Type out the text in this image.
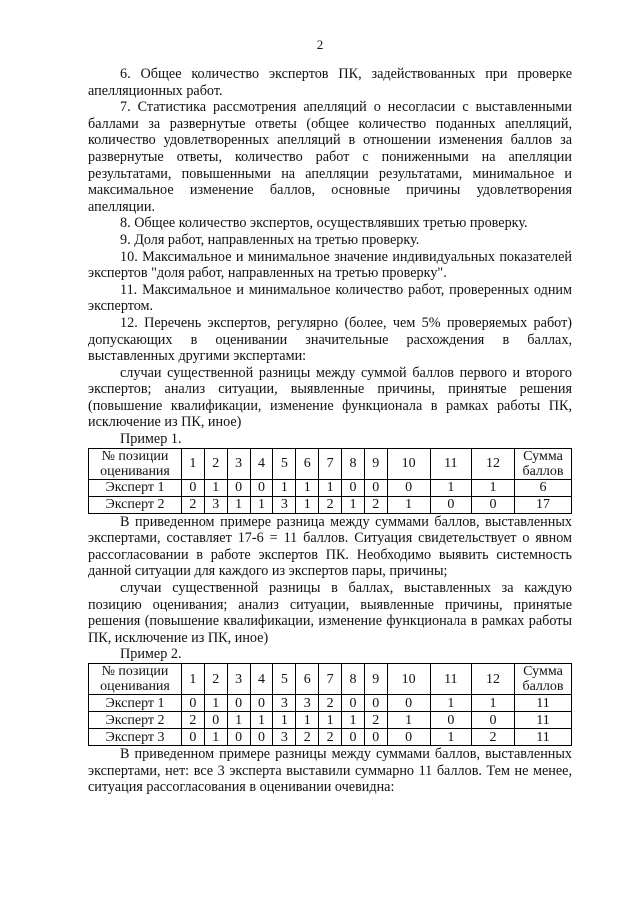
2

6. Общее количество экспертов ПК, задействованных при проверке апелляционных работ.

7. Статистика рассмотрения апелляций о несогласии с выставленными баллами за развернутые ответы (общее количество поданных апелляций, количество удовлетворенных апелляций в отношении изменения баллов за развернутые ответы, количество работ с пониженными на апелляции результатами, повышенными на апелляции результатами, минимальное и максимальное изменение баллов, основные причины удовлетворения апелляции.

8. Общее количество экспертов, осуществлявших третью проверку.

9. Доля работ, направленных на третью проверку.

10. Максимальное и минимальное значение индивидуальных показателей экспертов "доля работ, направленных на третью проверку".

11. Максимальное и минимальное количество работ, проверенных одним экспертом.

12. Перечень экспертов, регулярно (более, чем 5% проверяемых работ) допускающих в оценивании значительные расхождения в баллах, выставленных другими экспертами:

случаи существенной разницы между суммой баллов первого и второго экспертов; анализ ситуации, выявленные причины, принятые решения (повышение квалификации, изменение функционала в рамках работы ПК, исключение из ПК, иное)

Пример 1.

№ позиции оценивания	1	2	3	4	5	6	7	8	9	10	11	12	Сумма баллов
Эксперт 1	0	1	0	0	1	1	1	0	0	0	1	1	6
Эксперт 2	2	3	1	1	3	1	2	1	2	1	0	0	17

В приведенном примере разница между суммами баллов, выставленных экспертами, составляет 17-6 = 11 баллов. Ситуация свидетельствует о явном рассогласовании в работе экспертов ПК. Необходимо выявить системность данной ситуации для каждого из экспертов пары, причины;

случаи существенной разницы в баллах, выставленных за каждую позицию оценивания; анализ ситуации, выявленные причины, принятые решения (повышение квалификации, изменение функционала в рамках работы ПК, исключение из ПК, иное)

Пример 2.

№ позиции оценивания	1	2	3	4	5	6	7	8	9	10	11	12	Сумма баллов
Эксперт 1	0	1	0	0	3	3	2	0	0	0	1	1	11
Эксперт 2	2	0	1	1	1	1	1	1	2	1	0	0	11
Эксперт 3	0	1	0	0	3	2	2	0	0	0	1	2	11

В приведенном примере разницы между суммами баллов, выставленных экспертами, нет: все 3 эксперта выставили суммарно 11 баллов. Тем не менее, ситуация рассогласования в оценивании очевидна:
